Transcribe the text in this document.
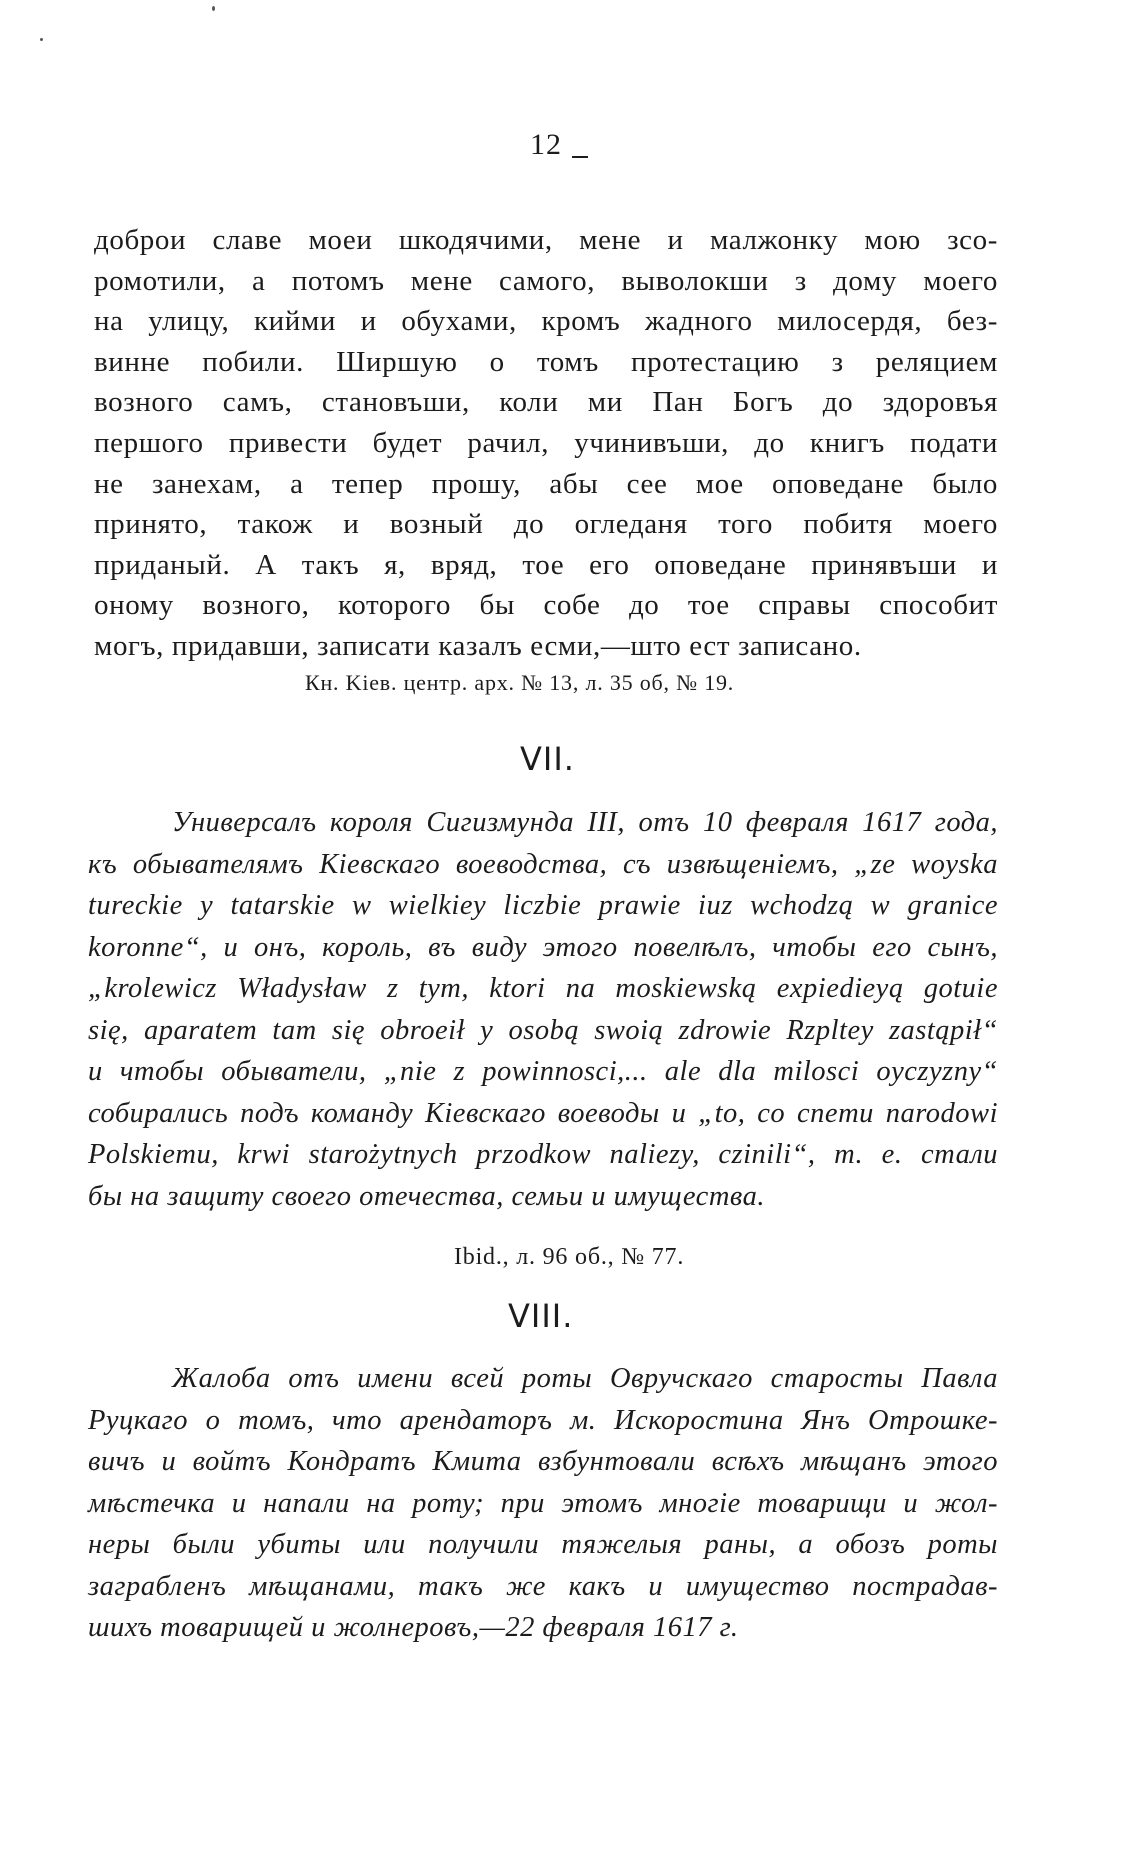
12
доброи славе моеи шкодячими, мене и малжонку мою зсо-
ромотили, а потомъ мене самого, выволокши з дому моего
на улицу, кийми и обухами, кромъ жадного милосердя, без-
винне побили. Ширшую о томъ протестацию з реляцием
возного самъ, становъши, коли ми Пан Богъ до здоровъя
першого привести будет рачил, учинивъши, до книгъ подати
не занехам, а тепер прошу, абы сее мое оповедане было
принято, також и возный до огледаня того побитя моего
приданый. А такъ я, вряд, тое его оповедане принявъши и
оному возного, которого бы собе до тое справы способит
могъ, придавши, записати казалъ есми,—што ест записано.
Кн. Kiев. центр. арх. № 13, л. 35 об, № 19.
VII.
Универсалъ короля Сигизмунда III, отъ 10 февраля 1617 года,
къ обывателямъ Кіевскаго воеводства, съ извѣщеніемъ, „ze woyska
tureckie y tatarskie w wielkiey liczbie prawie iuz wchodzą w granice
koronne“, и онъ, король, въ виду этого повелѣлъ, чтобы его сынъ,
„krolewicz Władysław z tym, ktori na moskiewską expiedieyą gotuie
się, aparatem tam się obroeił y osobą swoią zdrowie Rzpltey zastąpił“
и чтобы обыватели, „nie z powinnosci,... ale dla milosci oyczyzny“
собирались подъ команду Кіевскаго воеводы и „to, co cnemu narodowi
Polskiemu, krwi starożytnych przodkow naliezy, czinili“, т. е. стали
бы на защиту своего отечества, семьи и имущества.
Ibid., л. 96 об., № 77.
VIII.
Жалоба отъ имени всей роты Овручскаго старосты Павла
Руцкаго о томъ, что арендаторъ м. Искоростина Янъ Отрошке-
вичъ и войтъ Кондратъ Кмита взбунтовали всѣхъ мѣщанъ этого
мѣстечка и напали на роту; при этомъ многіе товарищи и жол-
неры были убиты или получили тяжелыя раны, а обозъ роты
заграбленъ мѣщанами, такъ же какъ и имущество пострадав-
шихъ товарищей и жолнеровъ,—22 февраля 1617 г.
